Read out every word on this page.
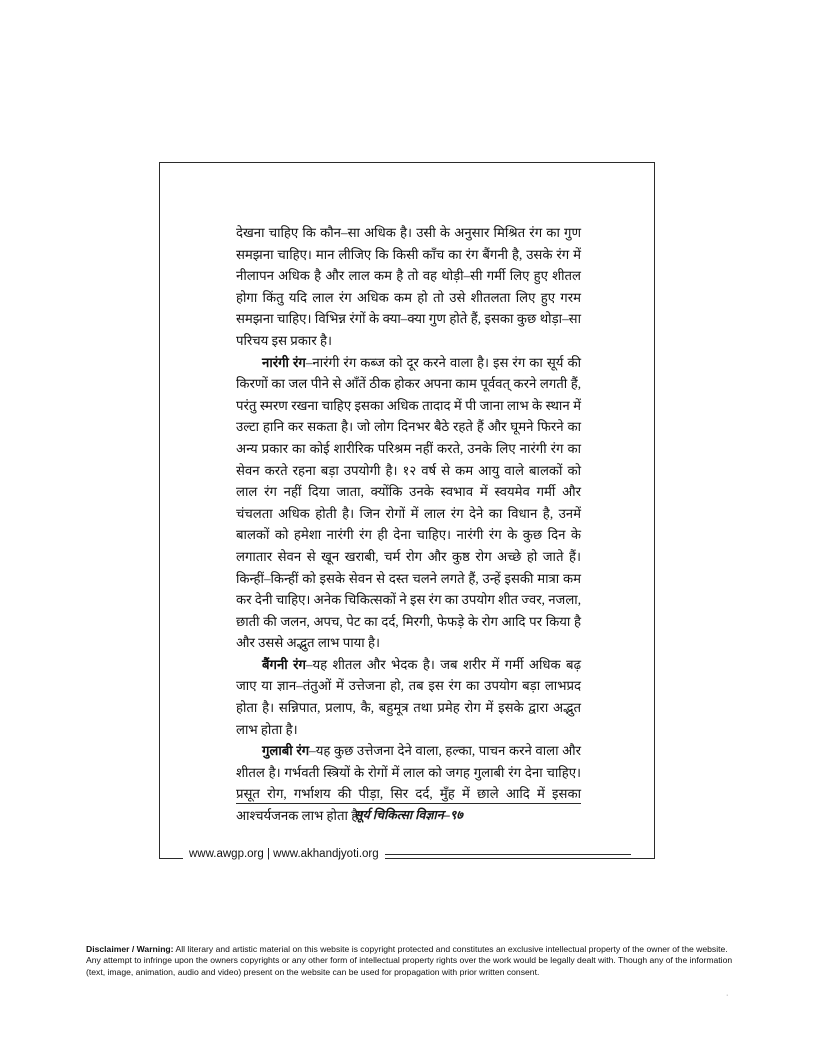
देखना चाहिए कि कौन–सा अधिक है। उसी के अनुसार मिश्रित रंग का गुण समझना चाहिए। मान लीजिए कि किसी काँच का रंग बैंगनी है, उसके रंग में नीलापन अधिक है और लाल कम है तो वह थोड़ी–सी गर्मी लिए हुए शीतल होगा किंतु यदि लाल रंग अधिक कम हो तो उसे शीतलता लिए हुए गरम समझना चाहिए। विभिन्न रंगों के क्या–क्या गुण होते हैं, इसका कुछ थोड़ा–सा परिचय इस प्रकार है।

नारंगी रंग–नारंगी रंग कब्ज को दूर करने वाला है। इस रंग का सूर्य की किरणों का जल पीने से आँतें ठीक होकर अपना काम पूर्ववत् करने लगती हैं, परंतु स्मरण रखना चाहिए इसका अधिक तादाद में पी जाना लाभ के स्थान में उल्टा हानि कर सकता है। जो लोग दिनभर बैठे रहते हैं और घूमने फिरने का अन्य प्रकार का कोई शारीरिक परिश्रम नहीं करते, उनके लिए नारंगी रंग का सेवन करते रहना बड़ा उपयोगी है। १२ वर्ष से कम आयु वाले बालकों को लाल रंग नहीं दिया जाता, क्योंकि उनके स्वभाव में स्वयमेव गर्मी और चंचलता अधिक होती है। जिन रोगों में लाल रंग देने का विधान है, उनमें बालकों को हमेशा नारंगी रंग ही देना चाहिए। नारंगी रंग के कुछ दिन के लगातार सेवन से खून खराबी, चर्म रोग और कुष्ठ रोग अच्छे हो जाते हैं। किन्हीं–किन्हीं को इसके सेवन से दस्त चलने लगते हैं, उन्हें इसकी मात्रा कम कर देनी चाहिए। अनेक चिकित्सकों ने इस रंग का उपयोग शीत ज्वर, नजला, छाती की जलन, अपच, पेट का दर्द, मिरगी, फेफड़े के रोग आदि पर किया है और उससे अद्भुत लाभ पाया है।

बैंगनी रंग–यह शीतल और भेदक है। जब शरीर में गर्मी अधिक बढ़ जाए या ज्ञान–तंतुओं में उत्तेजना हो, तब इस रंग का उपयोग बड़ा लाभप्रद होता है। सन्निपात, प्रलाप, कै, बहुमूत्र तथा प्रमेह रोग में इसके द्वारा अद्भुत लाभ होता है।

गुलाबी रंग–यह कुछ उत्तेजना देने वाला, हल्का, पाचन करने वाला और शीतल है। गर्भवती स्त्रियों के रोगों में लाल को जगह गुलाबी रंग देना चाहिए। प्रसूत रोग, गर्भाशय की पीड़ा, सिर दर्द, मुँह में छाले आदि में इसका आश्चर्यजनक लाभ होता है।

सूर्य चिकित्सा विज्ञान–९७
www.awgp.org | www.akhandjyoti.org
Disclaimer / Warning: All literary and artistic material on this website is copyright protected and constitutes an exclusive intellectual property of the owner of the website. Any attempt to infringe upon the owners copyrights or any other form of intellectual property rights over the work would be legally dealt with. Though any of the information (text, image, animation, audio and video) present on the website can be used for propagation with prior written consent.
·
